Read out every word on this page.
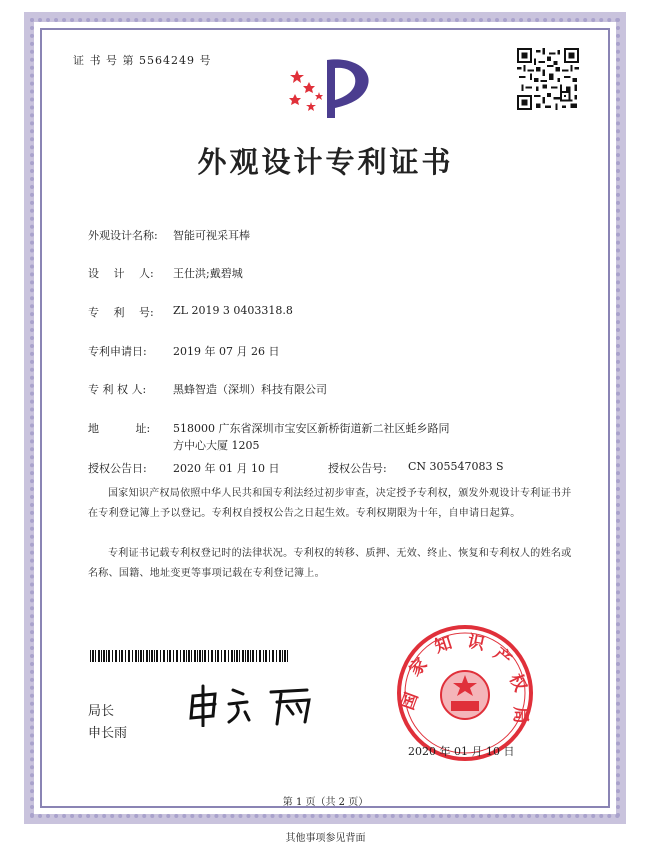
证 书 号 第 5564249 号
外观设计专利证书
外观设计名称: 智能可视采耳棒
设　 计　 人: 王仕洪;戴碧城
专　 利　 号: ZL 2019 3 0403318.8
专利申请日: 2019 年 07 月 26 日
专 利 权 人: 黑蜂智造（深圳）科技有限公司
地　　　 址: 518000 广东省深圳市宝安区新桥街道新二社区蚝乡路同
方中心大厦 1205
授权公告日: 2020 年 01 月 10 日	授权公告号: CN 305547083 S
国家知识产权局依照中华人民共和国专利法经过初步审查，决定授予专利权，颁发外观设计专利证书并在专利登记簿上予以登记。专利权自授权公告之日起生效。专利权期限为十年，自申请日起算。
专利证书记载专利权登记时的法律状况。专利权的转移、质押、无效、终止、恢复和专利权人的姓名或名称、国籍、地址变更等事项记载在专利登记簿上。
局长
申长雨
国
家
知 识
产
权
局
2020 年 01 月 10 日
第 1 页（共 2 页）
其他事项参见背面
